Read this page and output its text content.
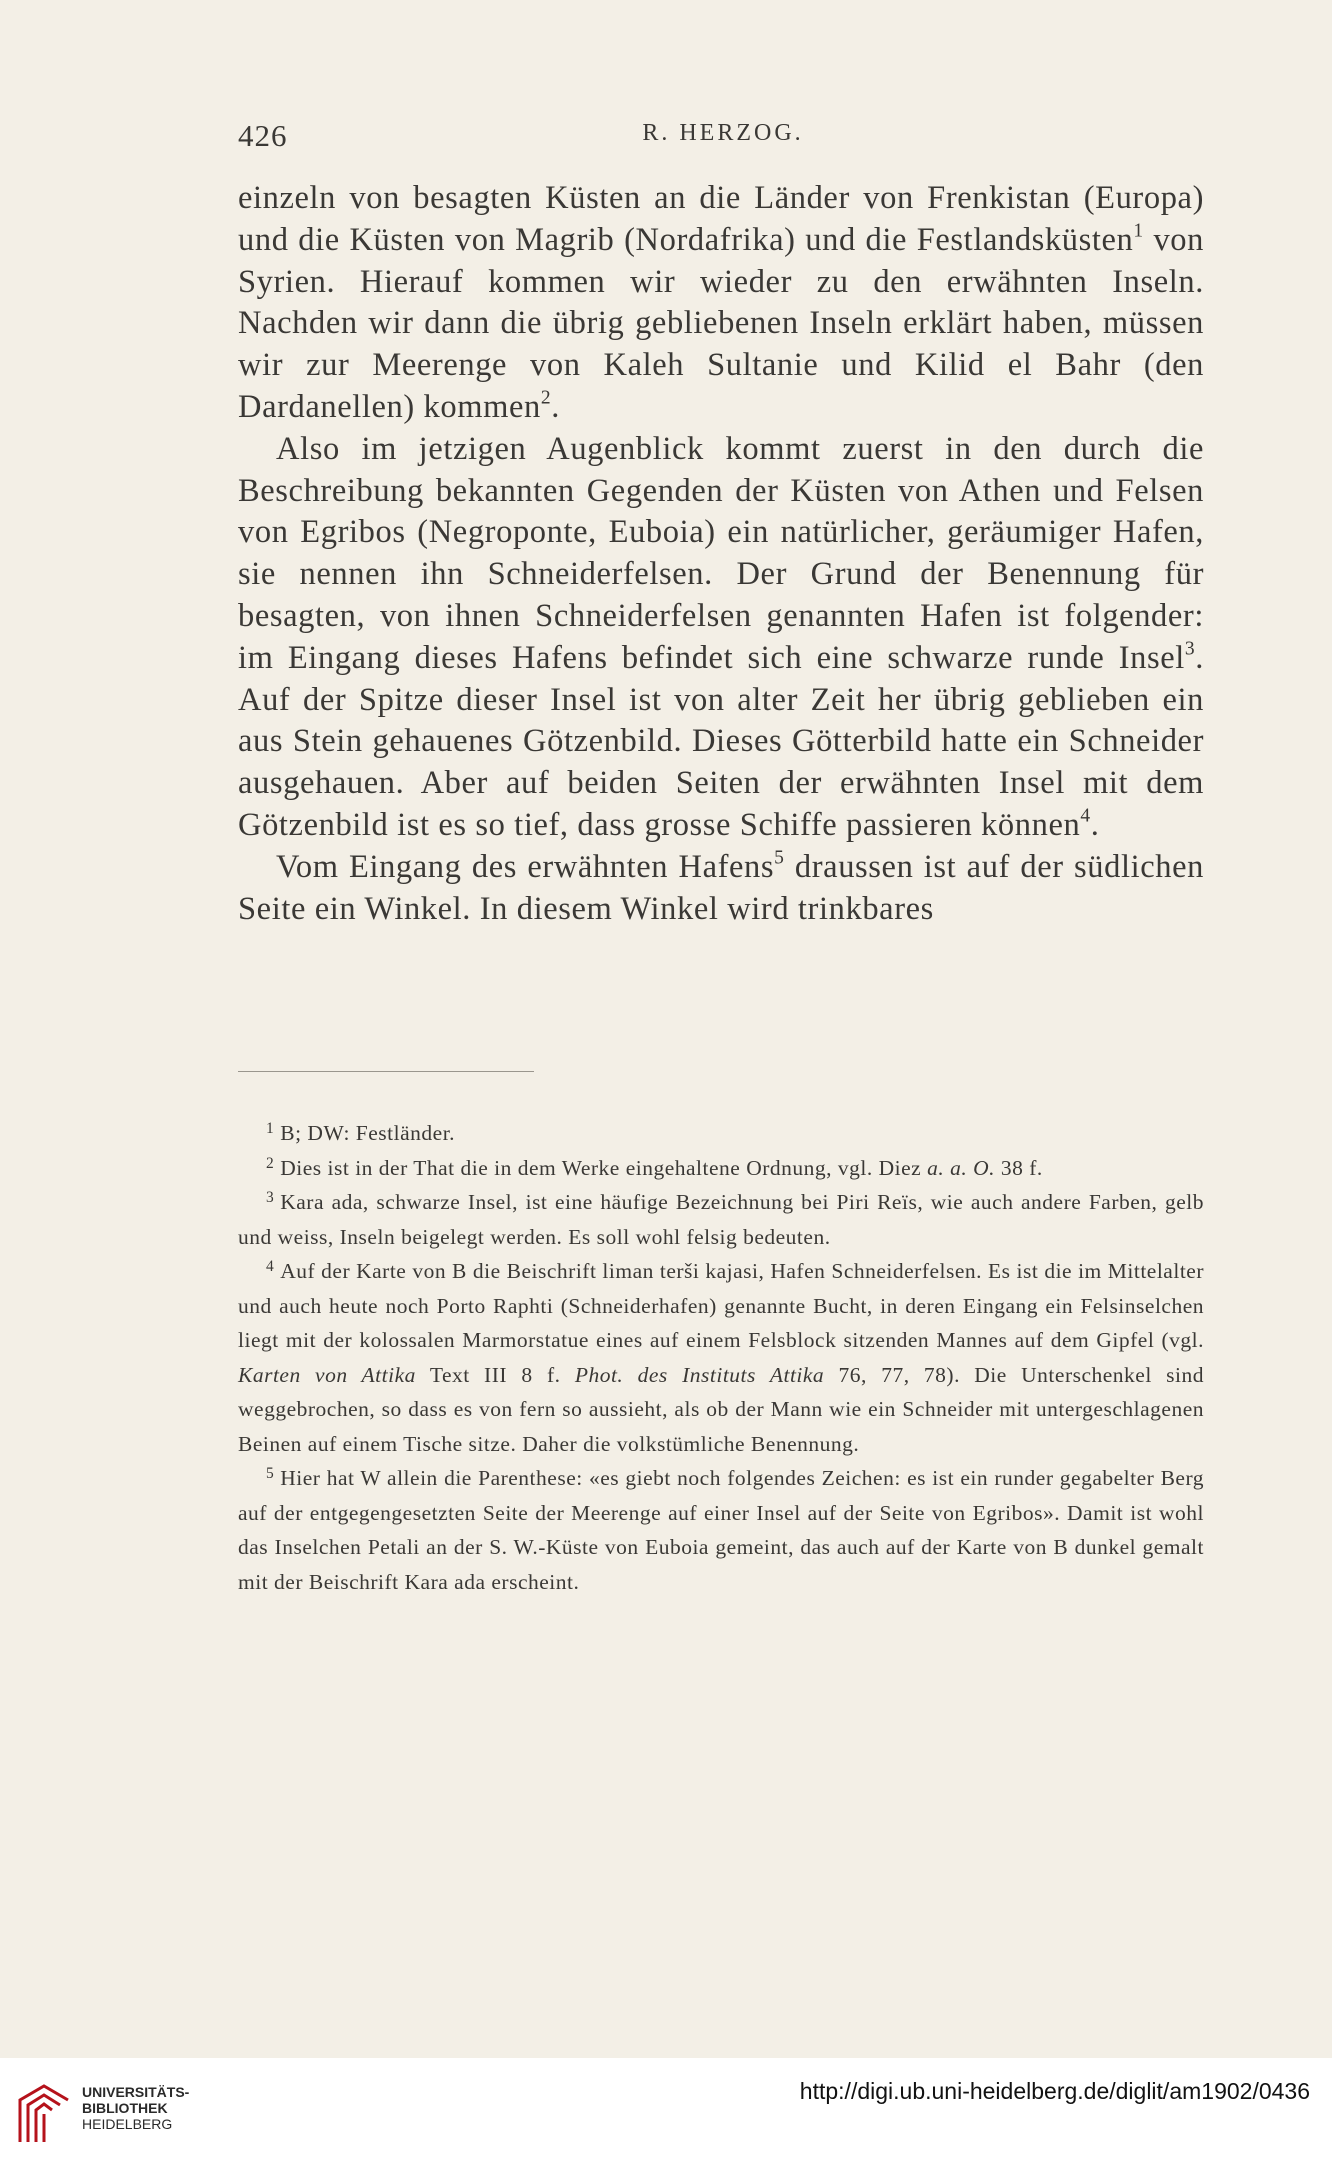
426	R. HERZOG.

einzeln von besagten Küsten an die Länder von Frenkistan (Europa) und die Küsten von Magrib (Nordafrika) und die Festlandsküsten$^1$ von Syrien. Hierauf kommen wir wieder zu den erwähnten Inseln. Nachden wir dann die übrig gebliebenen Inseln erklärt haben, müssen wir zur Meerenge von Kaleh Sultanie und Kilid el Bahr (den Dardanellen) kommen$^2$.

Also im jetzigen Augenblick kommt zuerst in den durch die Beschreibung bekannten Gegenden der Küsten von Athen und Felsen von Egribos (Negroponte, Euboia) ein natürlicher, geräumiger Hafen, sie nennen ihn Schneiderfelsen. Der Grund der Benennung für besagten, von ihnen Schneiderfelsen genannten Hafen ist folgender: im Eingang dieses Hafens befindet sich eine schwarze runde Insel$^3$. Auf der Spitze dieser Insel ist von alter Zeit her übrig geblieben ein aus Stein gehauenes Götzenbild. Dieses Götterbild hatte ein Schneider ausgehauen. Aber auf beiden Seiten der erwähnten Insel mit dem Götzenbild ist es so tief, dass grosse Schiffe passieren können$^4$.

Vom Eingang des erwähnten Hafens$^5$ draussen ist auf der südlichen Seite ein Winkel. In diesem Winkel wird trinkbares

$^1$ B; DW: Festländer.

$^2$ Dies ist in der That die in dem Werke eingehaltene Ordnung, vgl. Diez a. a. O. 38 f.

$^3$ Kara ada, schwarze Insel, ist eine häufige Bezeichnung bei Piri Reïs, wie auch andere Farben, gelb und weiss, Inseln beigelegt werden. Es soll wohl felsig bedeuten.

$^4$ Auf der Karte von B die Beischrift liman terši kajasi, Hafen Schneiderfelsen. Es ist die im Mittelalter und auch heute noch Porto Raphti (Schneiderhafen) genannte Bucht, in deren Eingang ein Felsinselchen liegt mit der kolossalen Marmorstatue eines auf einem Felsblock sitzenden Mannes auf dem Gipfel (vgl. Karten von Attika Text III 8 f. Phot. des Instituts Attika 76, 77, 78). Die Unterschenkel sind weggebrochen, so dass es von fern so aussieht, als ob der Mann wie ein Schneider mit untergeschlagenen Beinen auf einem Tische sitze. Daher die volkstümliche Benennung.

$^5$ Hier hat W allein die Parenthese: «es giebt noch folgendes Zeichen: es ist ein runder gegabelter Berg auf der entgegengesetzten Seite der Meerenge auf einer Insel auf der Seite von Egribos». Damit ist wohl das Inselchen Petali an der S. W.-Küste von Euboia gemeint, das auch auf der Karte von B dunkel gemalt mit der Beischrift Kara ada erscheint.

UNIVERSITÄTS-
BIBLIOTHEK
HEIDELBERG
http://digi.ub.uni-heidelberg.de/diglit/am1902/0436
